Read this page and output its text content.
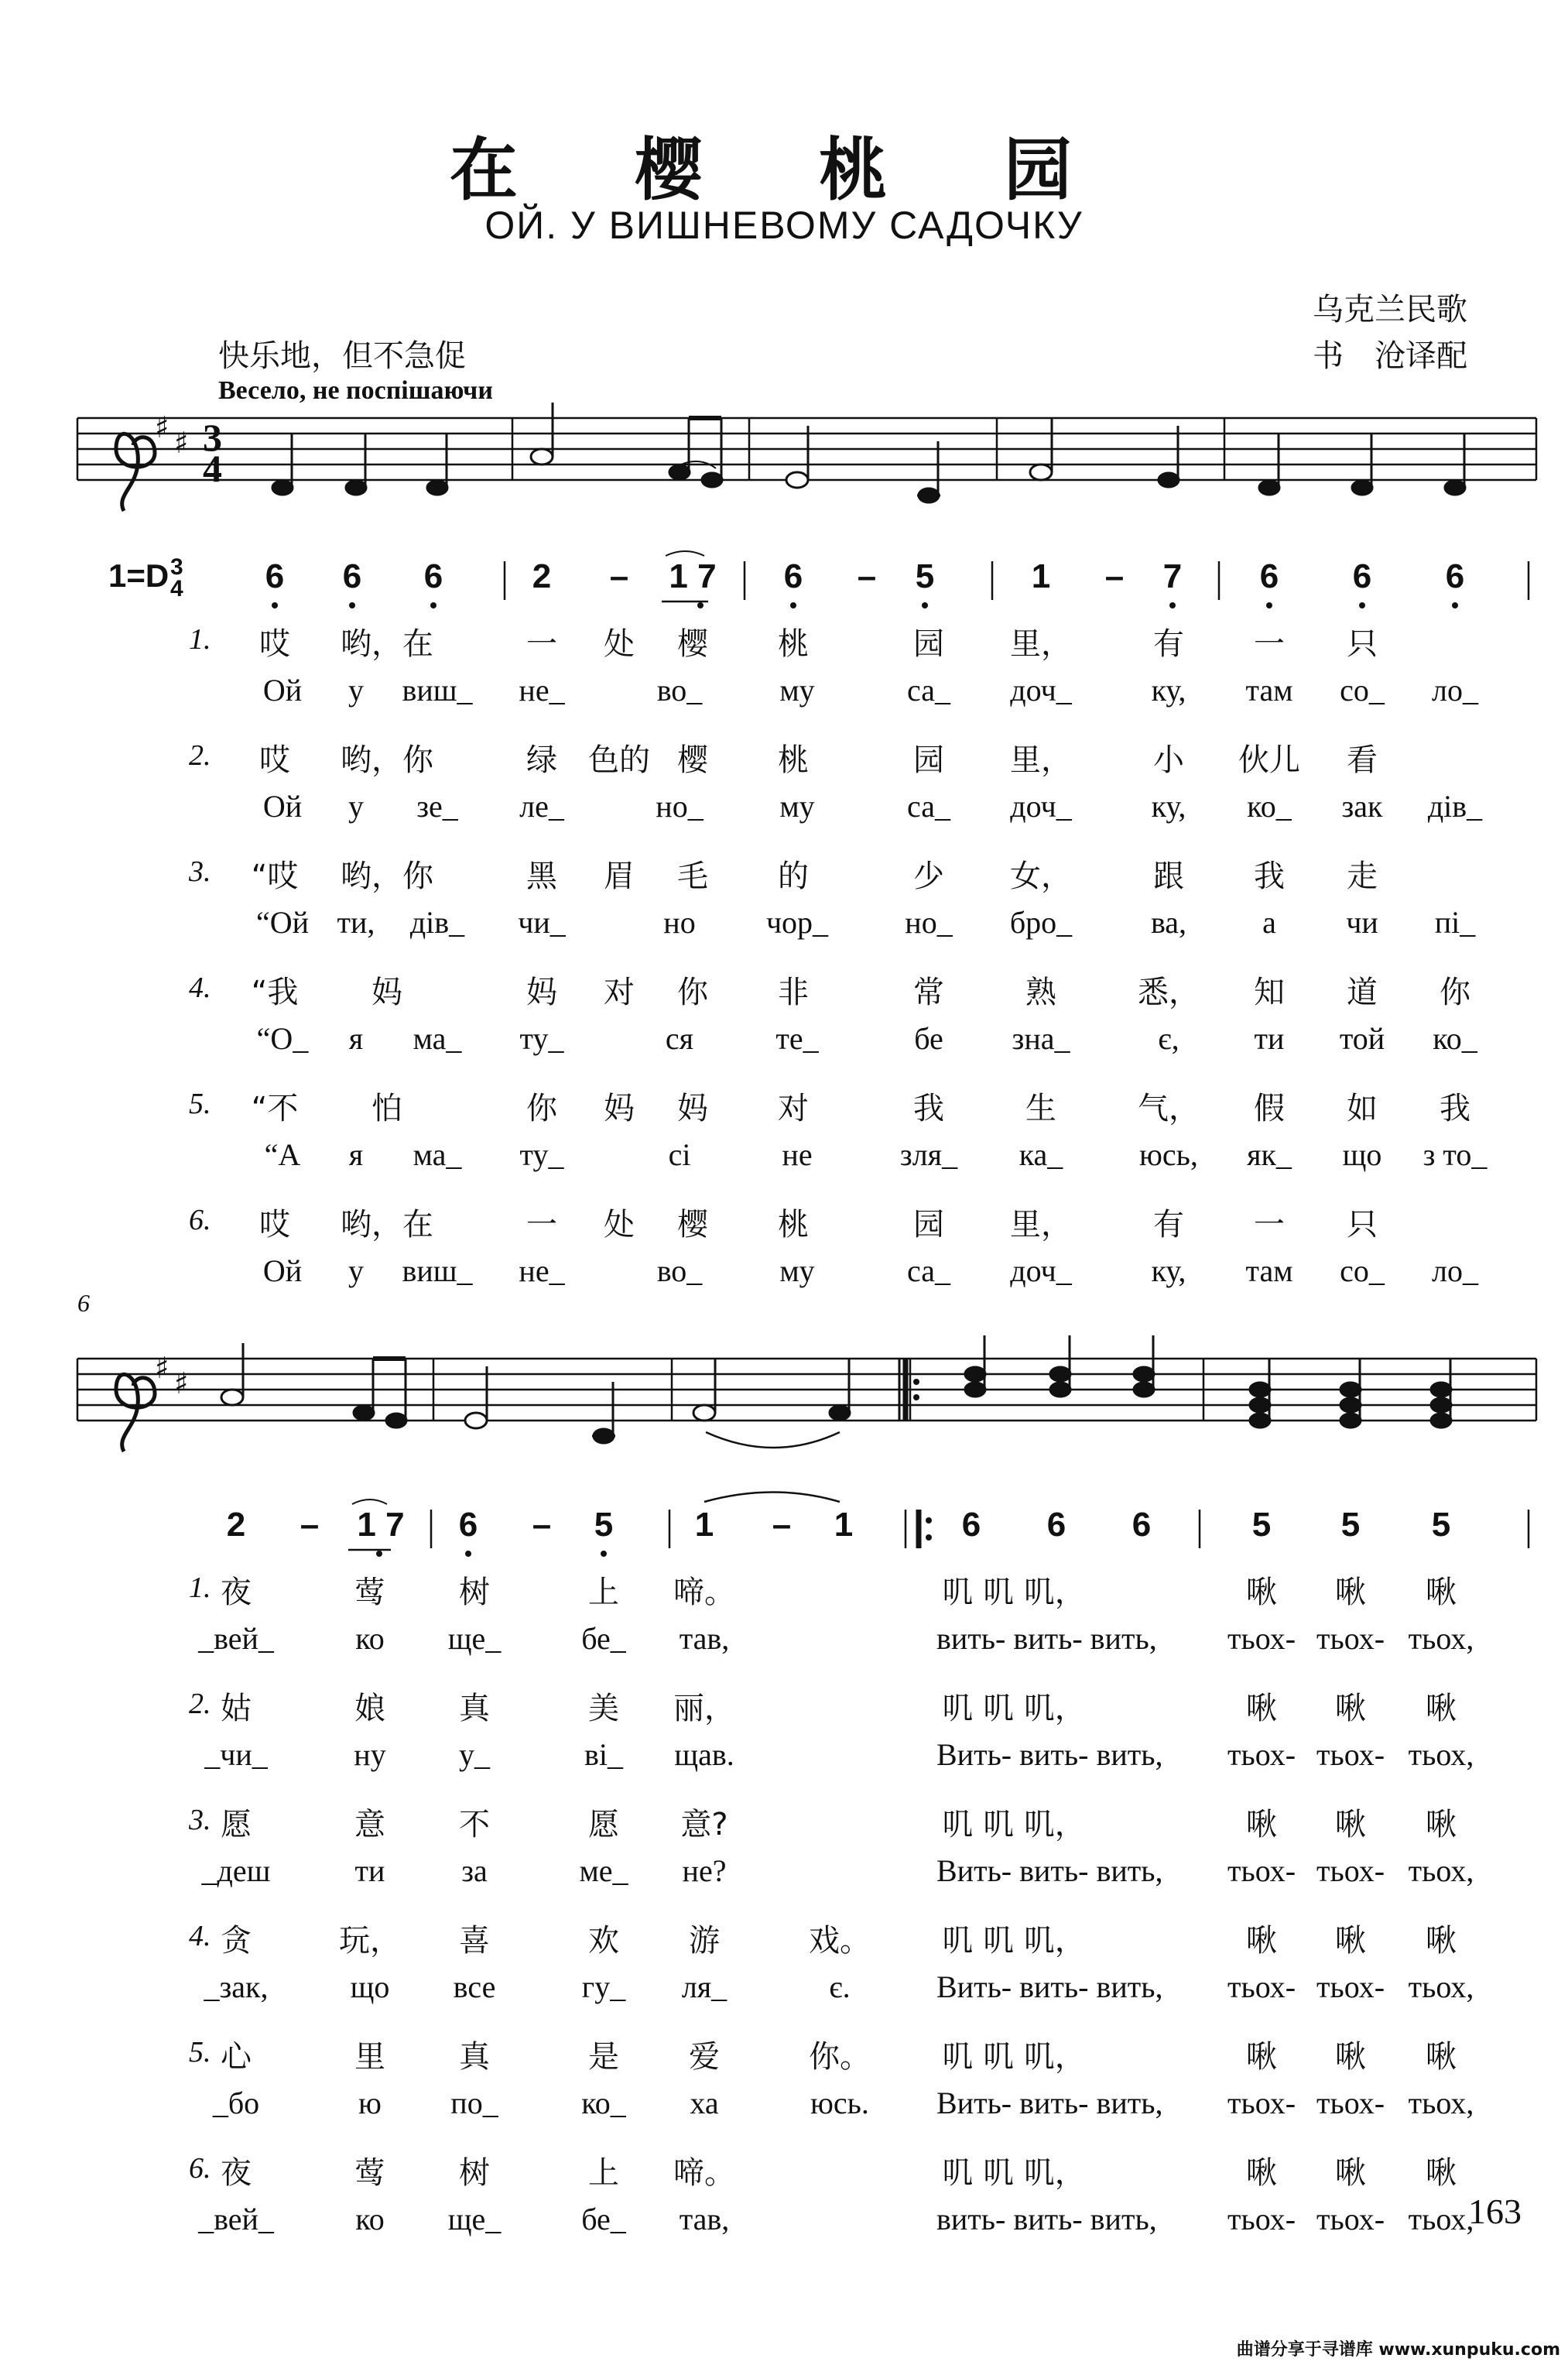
在 樱 桃 园
ОЙ. У ВИШНЕВОМУ САДОЧКУ
乌克兰民歌
书　沧译配
快乐地，但不急促
Весело, не поспішаючи
♯ ♯
♯ ♯
3
4
3
4
6
1=D	6	6	6	2	–	1 7	6	–	5	1	–	7	6	6	6
2	–	1 7	6	–	5	1	–	1	6	6	6	5	5	5
1.	哎	哟，在	一	处	樱	桃	园	里，	有	一	只
Ой	у	виш_	не_	во_	му	са_	доч_	ку,	там	со_	ло_
2.	哎	哟，你	绿	色的 樱	桃	园	里，	小	伙儿	看
Ой	у	зе_	ле_	но_	му	са_	доч_	ку,	ко_	зак	дів_
3.	“哎	哟，你	黑	眉	毛	的	少	女，	跟	我	走
“Ой ти,	дів_	чи_	но	чор_	но_	бро_	ва,	а	чи	пі_
4.	“我	妈	妈	对	你	非	常	熟	悉，	知	道	你
“О_	я	ма_	ту_	ся	те_	бе	зна_	є,	ти	той	ко_
5.	“不	怕	你	妈	妈	对	我	生	气，	假	如	我
“А	я	ма_	ту_	сі	не	зля_	ка_	юсь,	як_	що	з то_
6.	哎	哟，在	一	处	樱	桃	园	里，	有	一	只
Ой	у	виш_	не_	во_	му	са_	доч_	ку,	там	со_	ло_
1. 夜	莺	树	上	啼。	叽 叽 叽，	啾	啾	啾
_вей_	ко	ще_	бе_	тав,	вить- вить- вить,	тьох- тьох- тьох,
2. 姑	娘	真	美	丽，	叽 叽 叽，	啾	啾	啾
_чи_	ну	у_	ві_	щав.	Вить- вить- вить,	тьох- тьох- тьох,
3. 愿	意	不	愿	意?	叽 叽 叽，	啾	啾	啾
_деш	ти	за	ме_	не?	Вить- вить- вить,	тьох- тьох- тьох,
4. 贪	玩，	喜	欢	游	戏。	叽 叽 叽，	啾	啾	啾
_зак,	що	все	гу_	ля_	є.	Вить- вить- вить,	тьох- тьох- тьох,
5. 心	里	真	是	爱	你。	叽 叽 叽，	啾	啾	啾
_бо	ю	по_	ко_	ха	юсь.	Вить- вить- вить,	тьох- тьох- тьох,
6. 夜	莺	树	上	啼。	叽 叽 叽，	啾	啾	啾
_вей_	ко	ще_	бе_	тав,	вить- вить- вить,	тьох- тьох- тьох,
163
曲谱分享于寻谱库 www.xunpuku.com
